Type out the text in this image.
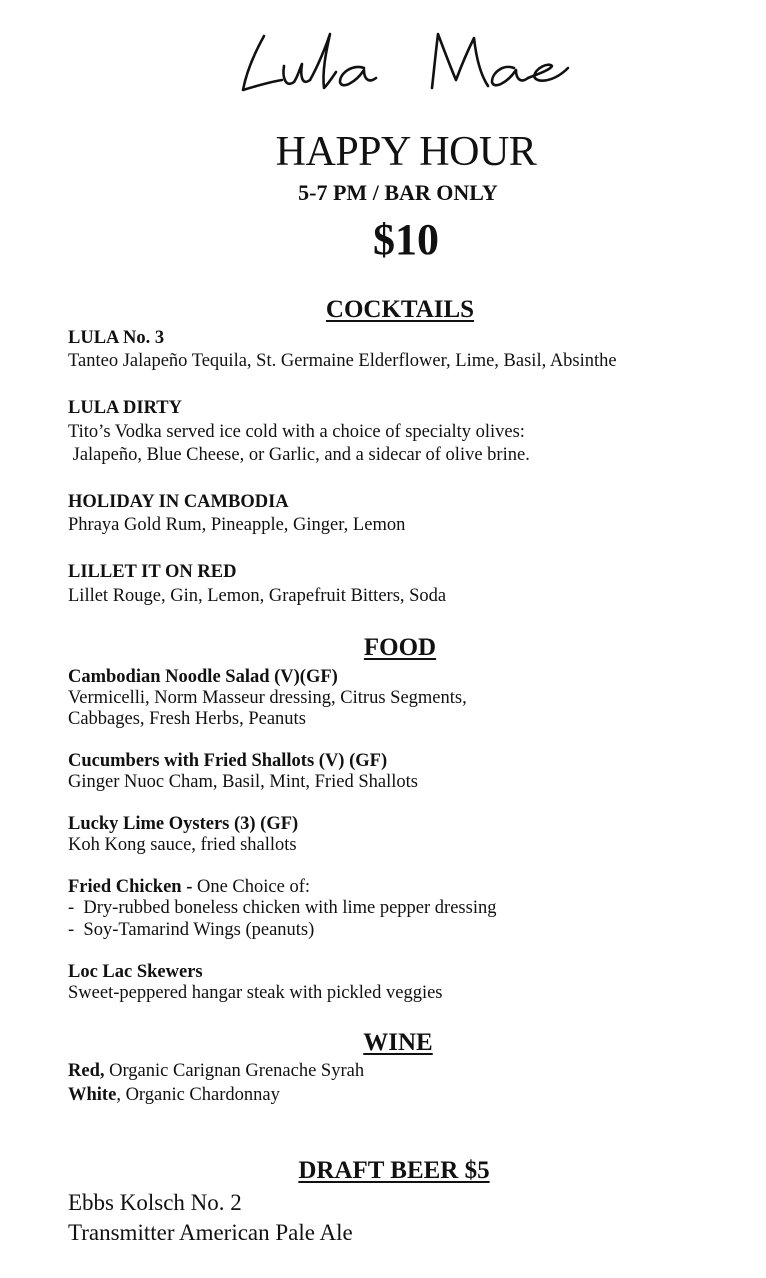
HAPPY HOUR
5-7 PM / BAR ONLY
$10
COCKTAILS
LULA No. 3
Tanteo Jalapeño Tequila, St. Germaine Elderflower, Lime, Basil, Absinthe
LULA DIRTY
Tito’s Vodka served ice cold with a choice of specialty olives:
Jalapeño, Blue Cheese, or Garlic, and a sidecar of olive brine.
HOLIDAY IN CAMBODIA
Phraya Gold Rum, Pineapple, Ginger, Lemon
LILLET IT ON RED
Lillet Rouge, Gin, Lemon, Grapefruit Bitters, Soda
FOOD
Cambodian Noodle Salad (V)(GF)
Vermicelli, Norm Masseur dressing, Citrus Segments,
Cabbages, Fresh Herbs, Peanuts
Cucumbers with Fried Shallots (V) (GF)
Ginger Nuoc Cham, Basil, Mint, Fried Shallots
Lucky Lime Oysters (3) (GF)
Koh Kong sauce, fried shallots
Fried Chicken - One Choice of:
-  Dry-rubbed boneless chicken with lime pepper dressing
-  Soy-Tamarind Wings (peanuts)
Loc Lac Skewers
Sweet-peppered hangar steak with pickled veggies
WINE
Red, Organic Carignan Grenache Syrah
White, Organic Chardonnay
DRAFT BEER $5
Ebbs Kolsch No. 2
Transmitter American Pale Ale
